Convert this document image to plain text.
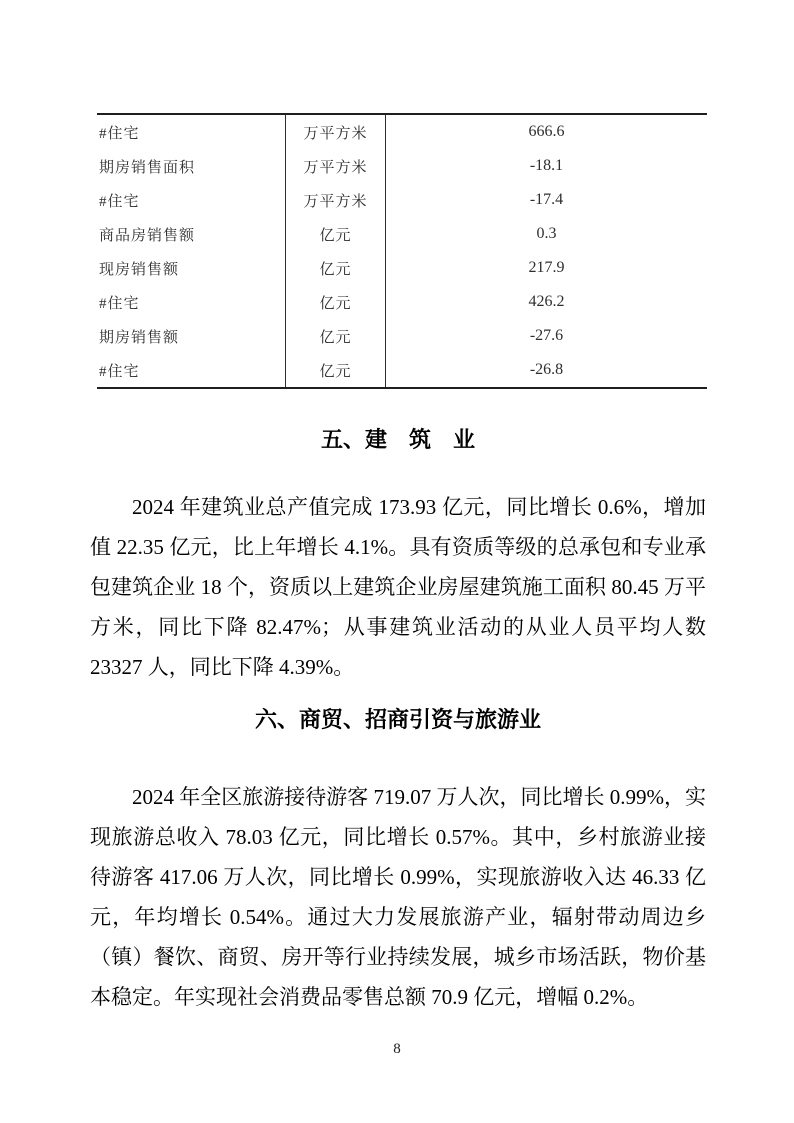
#住宅	万平方米	666.6
期房销售面积	万平方米	-18.1
#住宅	万平方米	-17.4
商品房销售额	亿元	0.3
现房销售额	亿元	217.9
#住宅	亿元	426.2
期房销售额	亿元	-27.6
#住宅	亿元	-26.8
五、建　筑　业

2024 年建筑业总产值完成 173.93 亿元，同比增长 0.6%，增加值 22.35 亿元，比上年增长 4.1%。具有资质等级的总承包和专业承包建筑企业 18 个，资质以上建筑企业房屋建筑施工面积 80.45 万平方米，同比下降 82.47%；从事建筑业活动的从业人员平均人数 23327 人，同比下降 4.39%。

六、商贸、招商引资与旅游业

2024 年全区旅游接待游客 719.07 万人次，同比增长 0.99%，实现旅游总收入 78.03 亿元，同比增长 0.57%。其中，乡村旅游业接待游客 417.06 万人次，同比增长 0.99%，实现旅游收入达 46.33 亿元，年均增长 0.54%。通过大力发展旅游产业，辐射带动周边乡（镇）餐饮、商贸、房开等行业持续发展，城乡市场活跃，物价基本稳定。年实现社会消费品零售总额 70.9 亿元，增幅 0.2%。

8
